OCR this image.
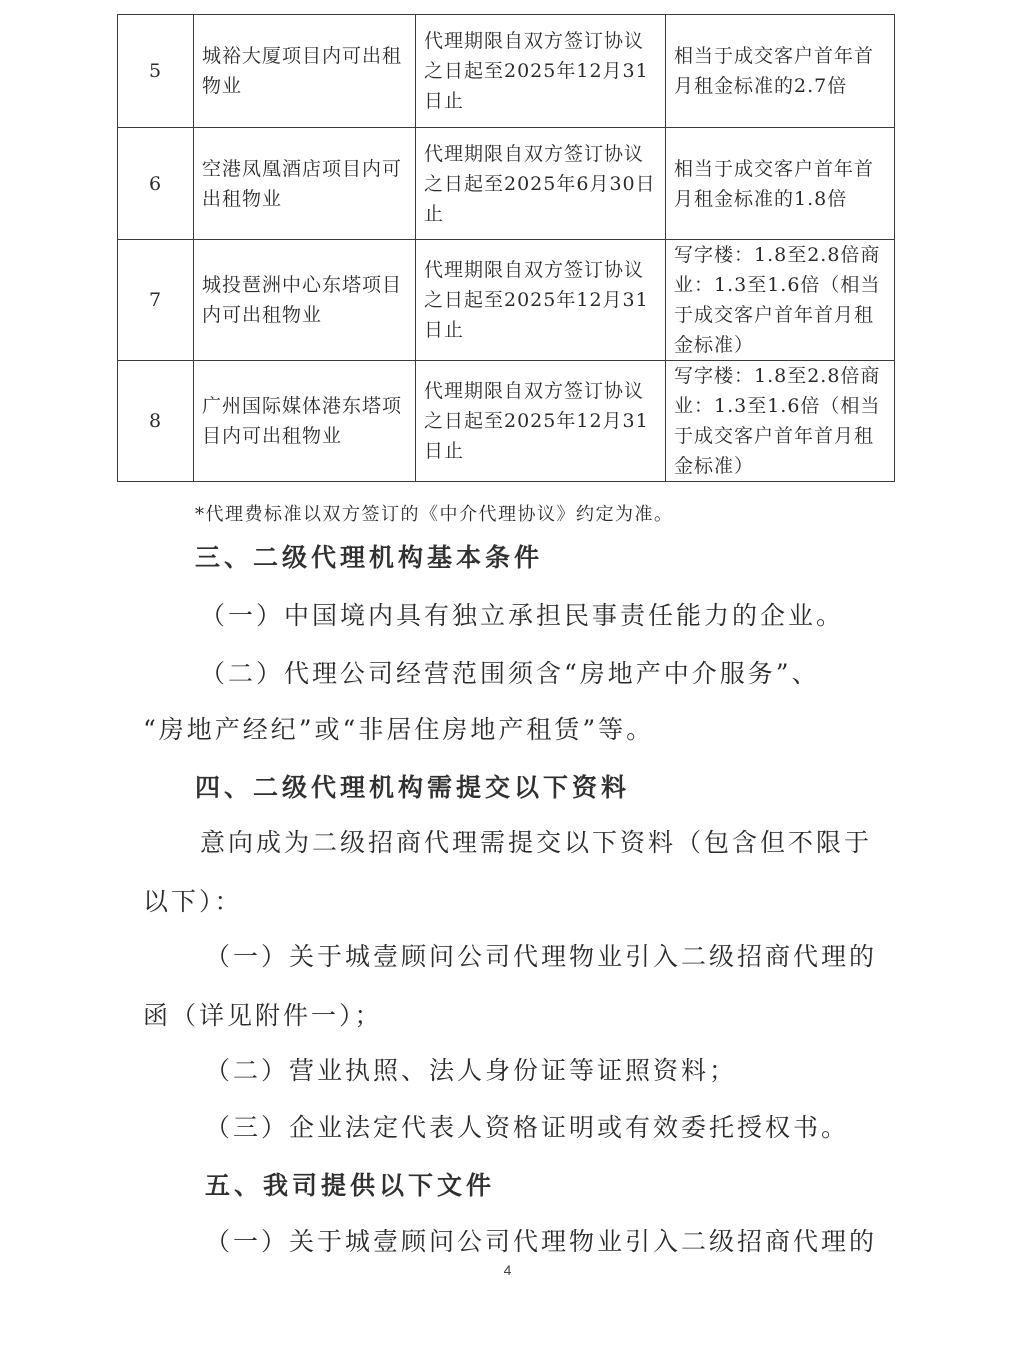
5	城裕大厦项目内可出租物业	代理期限自双方签订协议之日起至2025年12月31日止	相当于成交客户首年首月租金标准的2.7倍
6	空港凤凰酒店项目内可出租物业	代理期限自双方签订协议之日起至2025年6月30日止	相当于成交客户首年首月租金标准的1.8倍
7	城投琶洲中心东塔项目内可出租物业	代理期限自双方签订协议之日起至2025年12月31日止	写字楼：1.8至2.8倍商业：1.3至1.6倍（相当于成交客户首年首月租金标准）
8	广州国际媒体港东塔项目内可出租物业	代理期限自双方签订协议之日起至2025年12月31日止	写字楼：1.8至2.8倍商业：1.3至1.6倍（相当于成交客户首年首月租金标准）
*代理费标准以双方签订的《中介代理协议》约定为准。
三、二级代理机构基本条件
（一）中国境内具有独立承担民事责任能力的企业。
（二）代理公司经营范围须含“房地产中介服务”、
“房地产经纪”或“非居住房地产租赁”等。
四、二级代理机构需提交以下资料
意向成为二级招商代理需提交以下资料（包含但不限于
以下）：
（一）关于城壹顾问公司代理物业引入二级招商代理的
函（详见附件一）；
（二）营业执照、法人身份证等证照资料；
（三）企业法定代表人资格证明或有效委托授权书。
五、我司提供以下文件
（一）关于城壹顾问公司代理物业引入二级招商代理的
4
